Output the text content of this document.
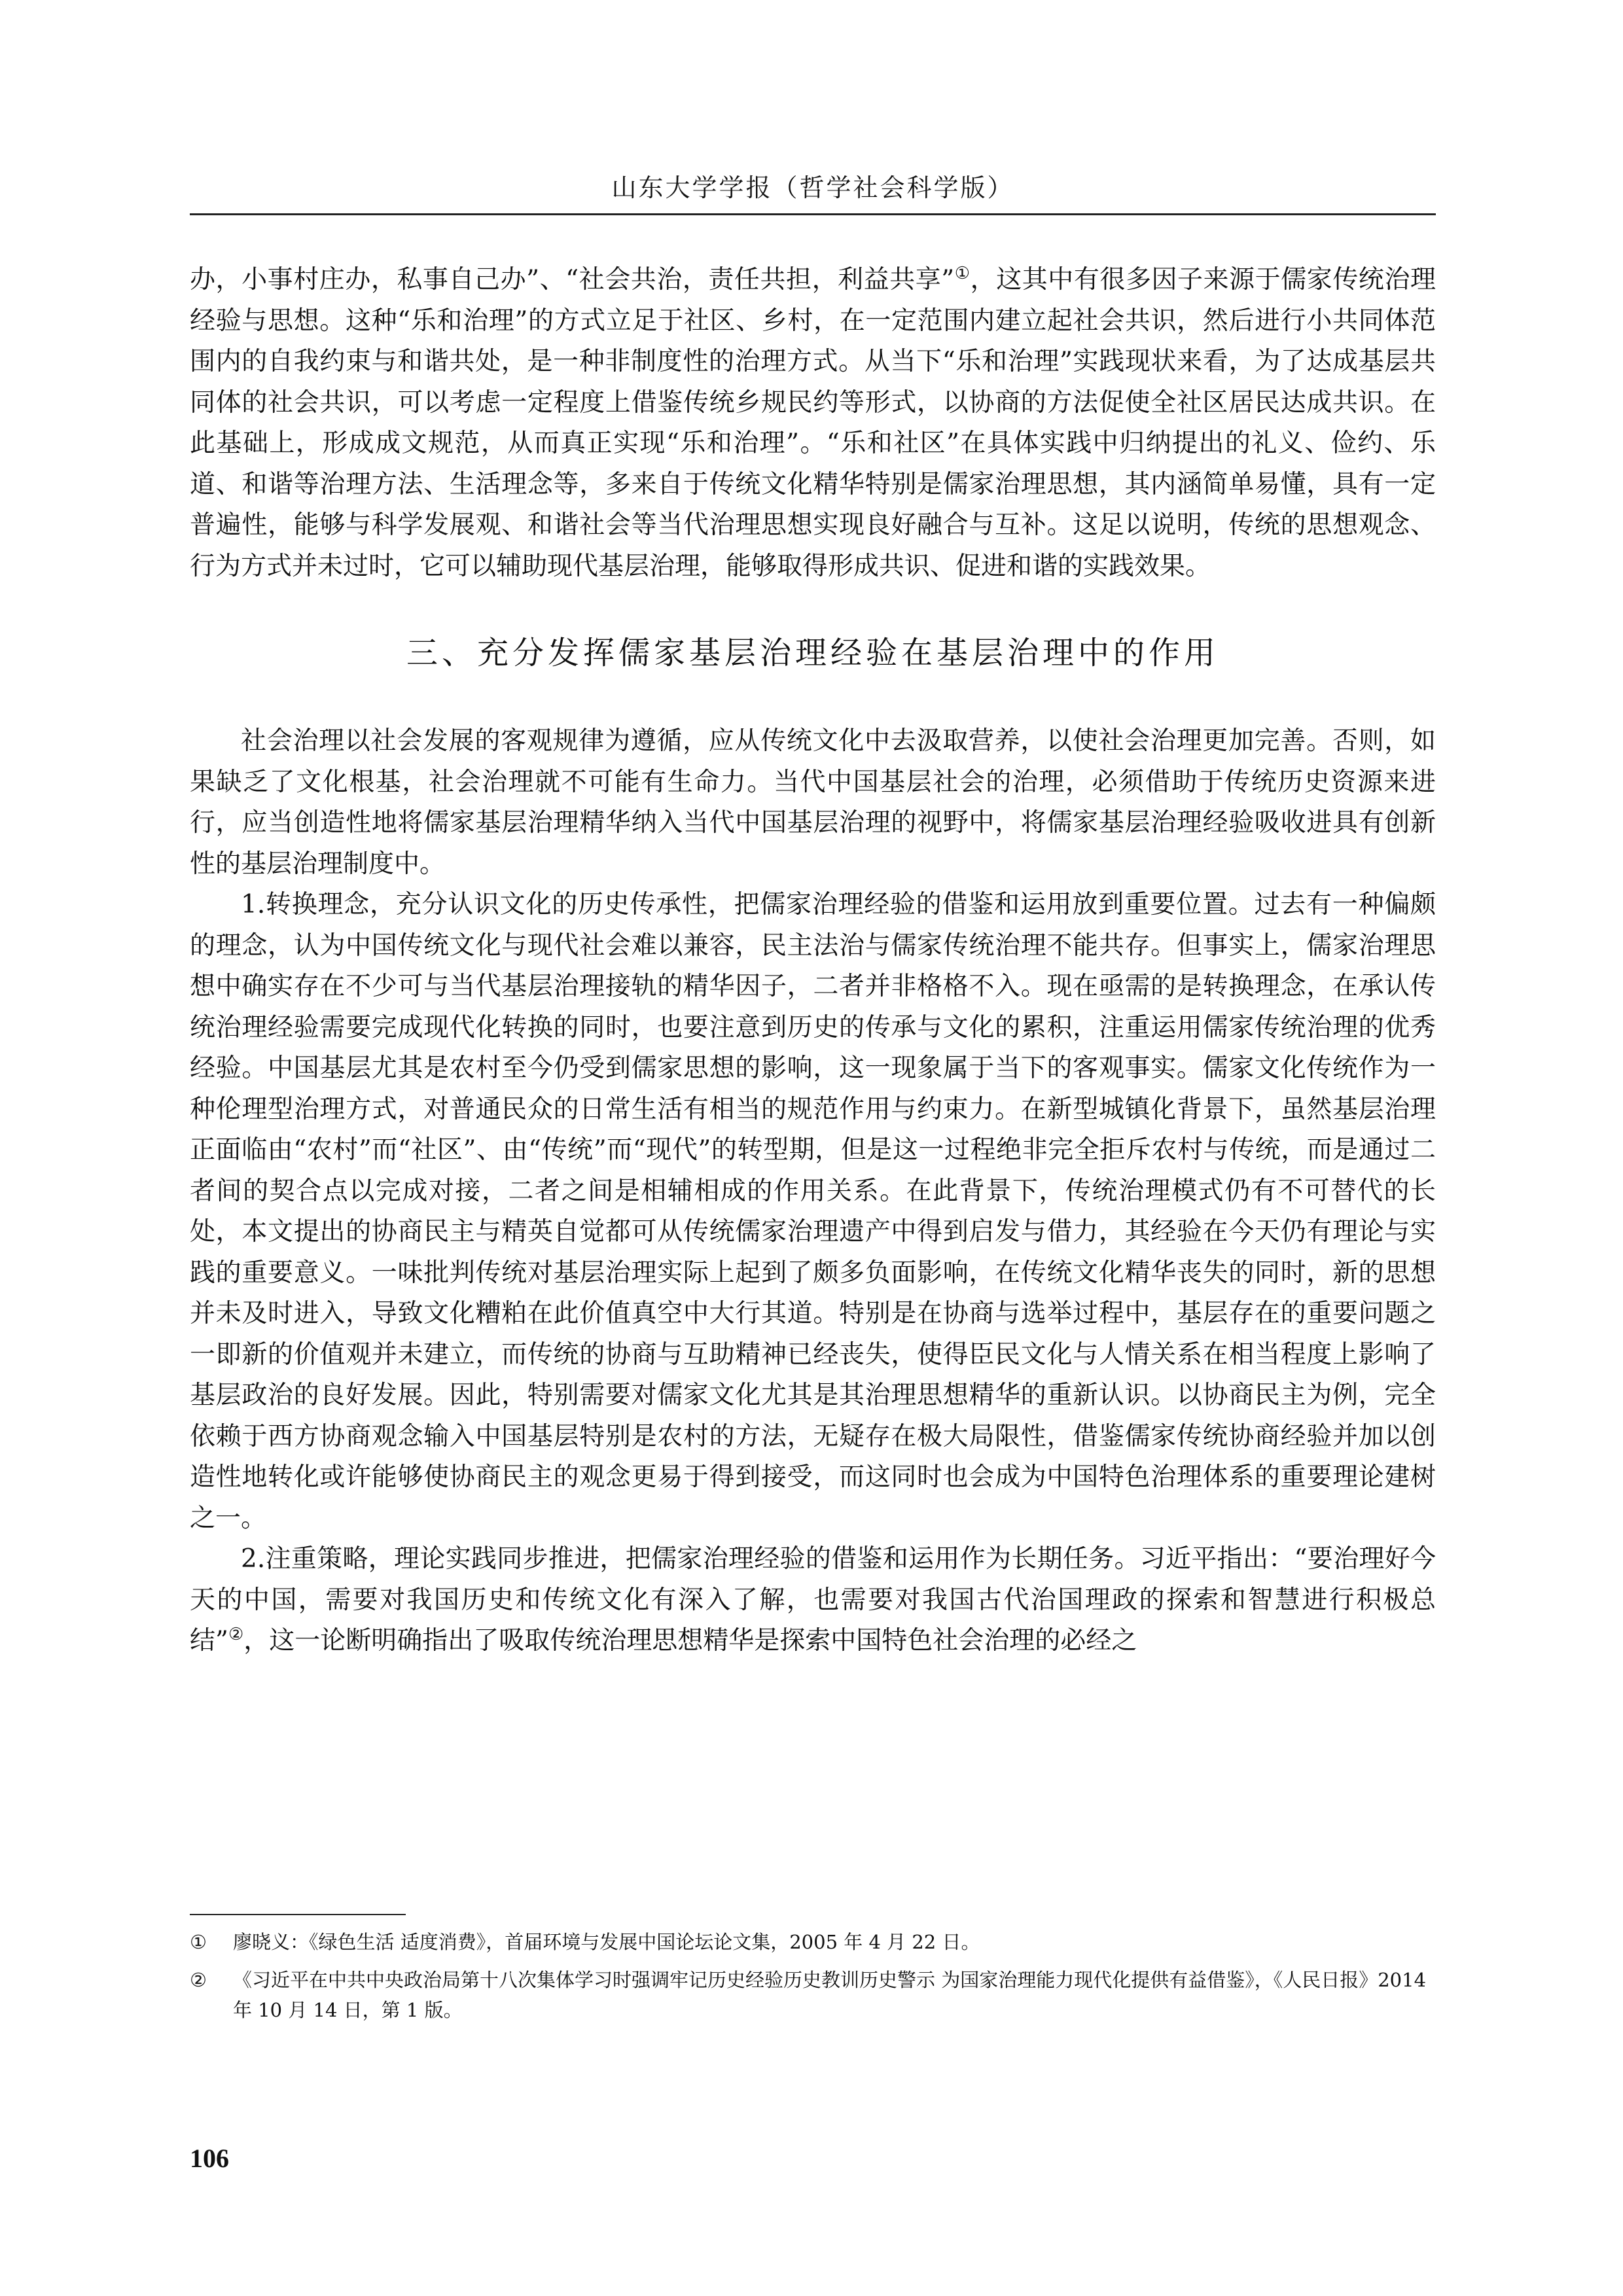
山东大学学报（哲学社会科学版）

办，小事村庄办，私事自己办”、“社会共治，责任共担，利益共享”①，这其中有很多因子来源于儒家传统治理经验与思想。这种“乐和治理”的方式立足于社区、乡村，在一定范围内建立起社会共识，然后进行小共同体范围内的自我约束与和谐共处，是一种非制度性的治理方式。从当下“乐和治理”实践现状来看，为了达成基层共同体的社会共识，可以考虑一定程度上借鉴传统乡规民约等形式，以协商的方法促使全社区居民达成共识。在此基础上，形成成文规范，从而真正实现“乐和治理”。“乐和社区”在具体实践中归纳提出的礼义、俭约、乐道、和谐等治理方法、生活理念等，多来自于传统文化精华特别是儒家治理思想，其内涵简单易懂，具有一定普遍性，能够与科学发展观、和谐社会等当代治理思想实现良好融合与互补。这足以说明，传统的思想观念、行为方式并未过时，它可以辅助现代基层治理，能够取得形成共识、促进和谐的实践效果。

三、充分发挥儒家基层治理经验在基层治理中的作用

社会治理以社会发展的客观规律为遵循，应从传统文化中去汲取营养，以使社会治理更加完善。否则，如果缺乏了文化根基，社会治理就不可能有生命力。当代中国基层社会的治理，必须借助于传统历史资源来进行，应当创造性地将儒家基层治理精华纳入当代中国基层治理的视野中，将儒家基层治理经验吸收进具有创新性的基层治理制度中。

1.转换理念，充分认识文化的历史传承性，把儒家治理经验的借鉴和运用放到重要位置。过去有一种偏颇的理念，认为中国传统文化与现代社会难以兼容，民主法治与儒家传统治理不能共存。但事实上，儒家治理思想中确实存在不少可与当代基层治理接轨的精华因子，二者并非格格不入。现在亟需的是转换理念，在承认传统治理经验需要完成现代化转换的同时，也要注意到历史的传承与文化的累积，注重运用儒家传统治理的优秀经验。中国基层尤其是农村至今仍受到儒家思想的影响，这一现象属于当下的客观事实。儒家文化传统作为一种伦理型治理方式，对普通民众的日常生活有相当的规范作用与约束力。在新型城镇化背景下，虽然基层治理正面临由“农村”而“社区”、由“传统”而“现代”的转型期，但是这一过程绝非完全拒斥农村与传统，而是通过二者间的契合点以完成对接，二者之间是相辅相成的作用关系。在此背景下，传统治理模式仍有不可替代的长处，本文提出的协商民主与精英自觉都可从传统儒家治理遗产中得到启发与借力，其经验在今天仍有理论与实践的重要意义。一味批判传统对基层治理实际上起到了颇多负面影响，在传统文化精华丧失的同时，新的思想并未及时进入，导致文化糟粕在此价值真空中大行其道。特别是在协商与选举过程中，基层存在的重要问题之一即新的价值观并未建立，而传统的协商与互助精神已经丧失，使得臣民文化与人情关系在相当程度上影响了基层政治的良好发展。因此，特别需要对儒家文化尤其是其治理思想精华的重新认识。以协商民主为例，完全依赖于西方协商观念输入中国基层特别是农村的方法，无疑存在极大局限性，借鉴儒家传统协商经验并加以创造性地转化或许能够使协商民主的观念更易于得到接受，而这同时也会成为中国特色治理体系的重要理论建树之一。

2.注重策略，理论实践同步推进，把儒家治理经验的借鉴和运用作为长期任务。习近平指出：“要治理好今天的中国，需要对我国历史和传统文化有深入了解，也需要对我国古代治国理政的探索和智慧进行积极总结”②，这一论断明确指出了吸取传统治理思想精华是探索中国特色社会治理的必经之

①	廖晓义：《绿色生活 适度消费》，首届环境与发展中国论坛论文集，2005 年 4 月 22 日。
②	《习近平在中共中央政治局第十八次集体学习时强调牢记历史经验历史教训历史警示 为国家治理能力现代化提供有益借鉴》，《人民日报》2014 年 10 月 14 日，第 1 版。
106
